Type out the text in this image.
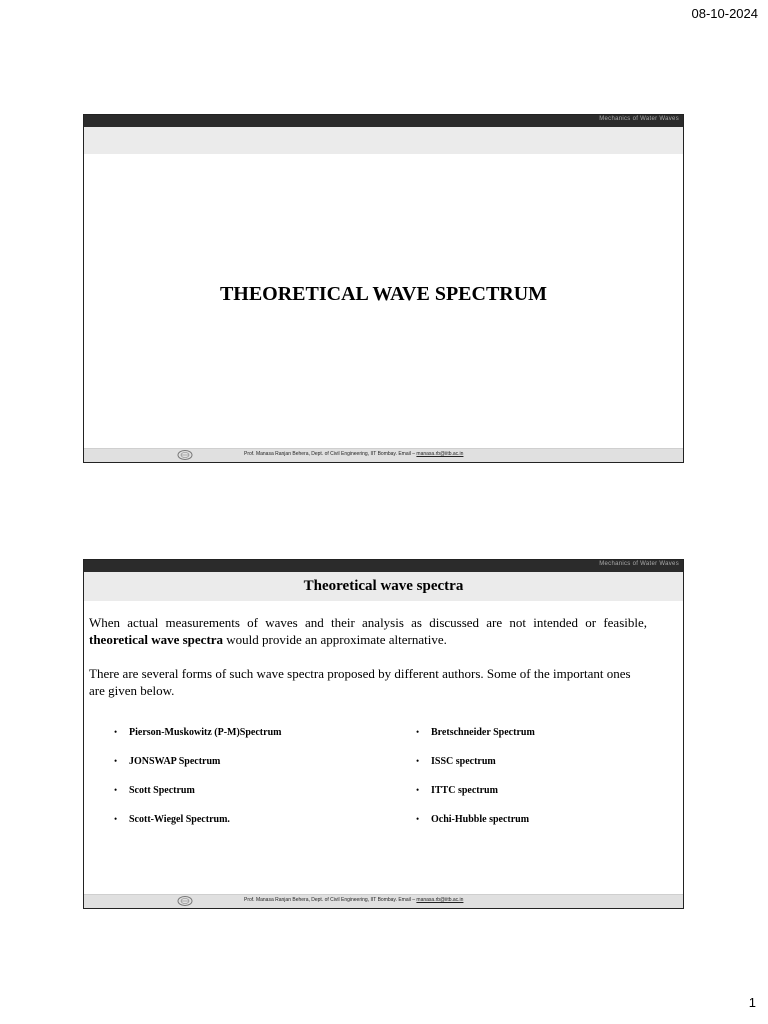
08-10-2024
Mechanics of Water Waves
THEORETICAL WAVE SPECTRUM
Prof. Manasa Ranjan Behera, Dept. of Civil Engineering, IIT Bombay. Email – manasa.rb@iitb.ac.in
Mechanics of Water Waves
Theoretical wave spectra

When actual measurements of waves and their analysis as discussed are not intended or feasible, theoretical wave spectra would provide an approximate alternative.

There are several forms of such wave spectra proposed by different authors. Some of the important ones are given below.

•	Pierson-Muskowitz (P-M)Spectrum
•	JONSWAP Spectrum
•	Scott Spectrum
•	Scott-Wiegel Spectrum.
•	Bretschneider Spectrum
•	ISSC spectrum
•	ITTC spectrum
•	Ochi-Hubble spectrum
Prof. Manasa Ranjan Behera, Dept. of Civil Engineering, IIT Bombay. Email – manasa.rb@iitb.ac.in
1
